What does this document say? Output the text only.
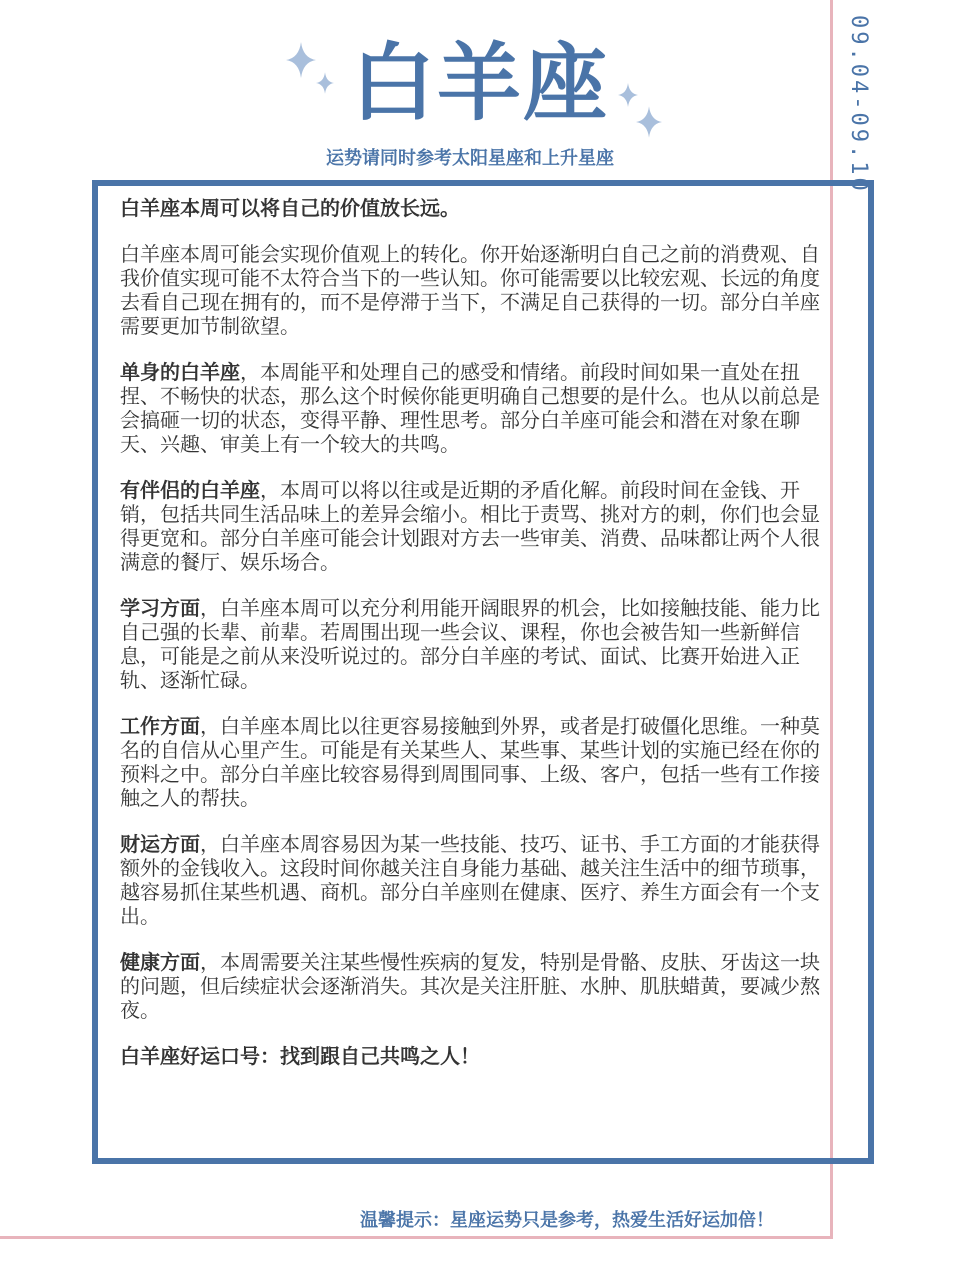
白羊座
运势请同时参考太阳星座和上升星座	09.04-09.10

白羊座本周可以将自己的价值放长远。

白羊座本周可能会实现价值观上的转化。你开始逐渐明白自己之前的消费观、自我价值实现可能不太符合当下的一些认知。你可能需要以比较宏观、长远的角度去看自己现在拥有的，而不是停滞于当下，不满足自己获得的一切。部分白羊座需要更加节制欲望。

单身的白羊座，本周能平和处理自己的感受和情绪。前段时间如果一直处在扭捏、不畅快的状态，那么这个时候你能更明确自己想要的是什么。也从以前总是会搞砸一切的状态，变得平静、理性思考。部分白羊座可能会和潜在对象在聊天、兴趣、审美上有一个较大的共鸣。

有伴侣的白羊座，本周可以将以往或是近期的矛盾化解。前段时间在金钱、开销，包括共同生活品味上的差异会缩小。相比于责骂、挑对方的刺，你们也会显得更宽和。部分白羊座可能会计划跟对方去一些审美、消费、品味都让两个人很满意的餐厅、娱乐场合。

学习方面，白羊座本周可以充分利用能开阔眼界的机会，比如接触技能、能力比自己强的长辈、前辈。若周围出现一些会议、课程，你也会被告知一些新鲜信息，可能是之前从来没听说过的。部分白羊座的考试、面试、比赛开始进入正轨、逐渐忙碌。

工作方面，白羊座本周比以往更容易接触到外界，或者是打破僵化思维。一种莫名的自信从心里产生。可能是有关某些人、某些事、某些计划的实施已经在你的预料之中。部分白羊座比较容易得到周围同事、上级、客户，包括一些有工作接触之人的帮扶。

财运方面，白羊座本周容易因为某一些技能、技巧、证书、手工方面的才能获得额外的金钱收入。这段时间你越关注自身能力基础、越关注生活中的细节琐事，越容易抓住某些机遇、商机。部分白羊座则在健康、医疗、养生方面会有一个支出。

健康方面，本周需要关注某些慢性疾病的复发，特别是骨骼、皮肤、牙齿这一块的问题，但后续症状会逐渐消失。其次是关注肝脏、水肿、肌肤蜡黄，要减少熬夜。

白羊座好运口号：找到跟自己共鸣之人！

温馨提示：星座运势只是参考，热爱生活好运加倍！
